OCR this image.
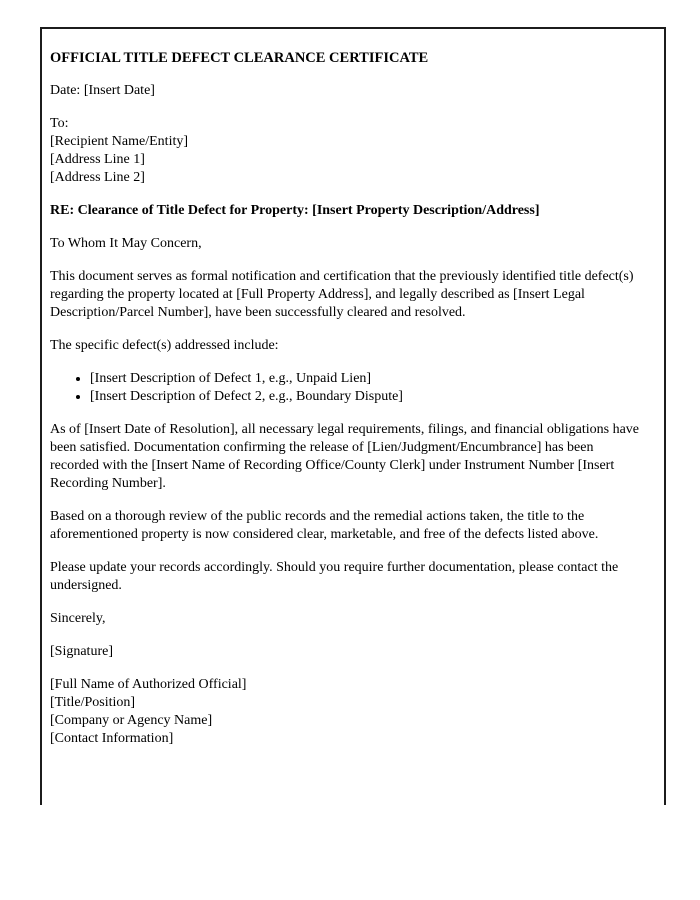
OFFICIAL TITLE DEFECT CLEARANCE CERTIFICATE

Date: [Insert Date]

To:
[Recipient Name/Entity]
[Address Line 1]
[Address Line 2]

RE: Clearance of Title Defect for Property: [Insert Property Description/Address]

To Whom It May Concern,

This document serves as formal notification and certification that the previously identified title defect(s) regarding the property located at [Full Property Address], and legally described as [Insert Legal Description/Parcel Number], have been successfully cleared and resolved.

The specific defect(s) addressed include:

• [Insert Description of Defect 1, e.g., Unpaid Lien]
• [Insert Description of Defect 2, e.g., Boundary Dispute]

As of [Insert Date of Resolution], all necessary legal requirements, filings, and financial obligations have been satisfied. Documentation confirming the release of [Lien/Judgment/Encumbrance] has been recorded with the [Insert Name of Recording Office/County Clerk] under Instrument Number [Insert Recording Number].

Based on a thorough review of the public records and the remedial actions taken, the title to the aforementioned property is now considered clear, marketable, and free of the defects listed above.

Please update your records accordingly. Should you require further documentation, please contact the undersigned.

Sincerely,

[Signature]

[Full Name of Authorized Official]
[Title/Position]
[Company or Agency Name]
[Contact Information]
